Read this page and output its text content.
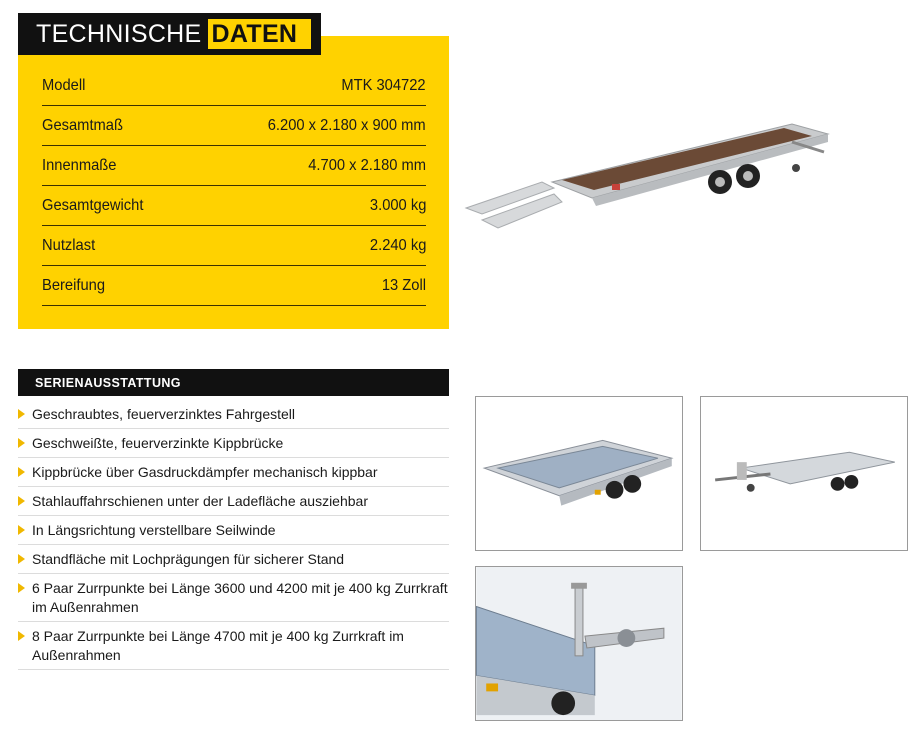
TECHNISCHE DATEN
Modell	MTK 304722
Gesamtmaß	6.200 x 2.180 x 900 mm
Innenmaße	4.700 x 2.180 mm
Gesamtgewicht	3.000 kg
Nutzlast	2.240 kg
Bereifung	13 Zoll
SERIENAUSSTATTUNG
Geschraubtes, feuerverzinktes Fahrgestell
Geschweißte, feuerverzinkte Kippbrücke
Kippbrücke über Gasdruckdämpfer mechanisch kippbar
Stahlauffahrschienen unter der Ladefläche ausziehbar
In Längsrichtung verstellbare Seilwinde
Standfläche mit Lochprägungen für sicherer Stand
6 Paar Zurrpunkte bei Länge 3600 und 4200 mit je 400 kg Zurrkraft im Außenrahmen
8 Paar Zurrpunkte bei Länge 4700 mit je 400 kg Zurrkraft im Außenrahmen
